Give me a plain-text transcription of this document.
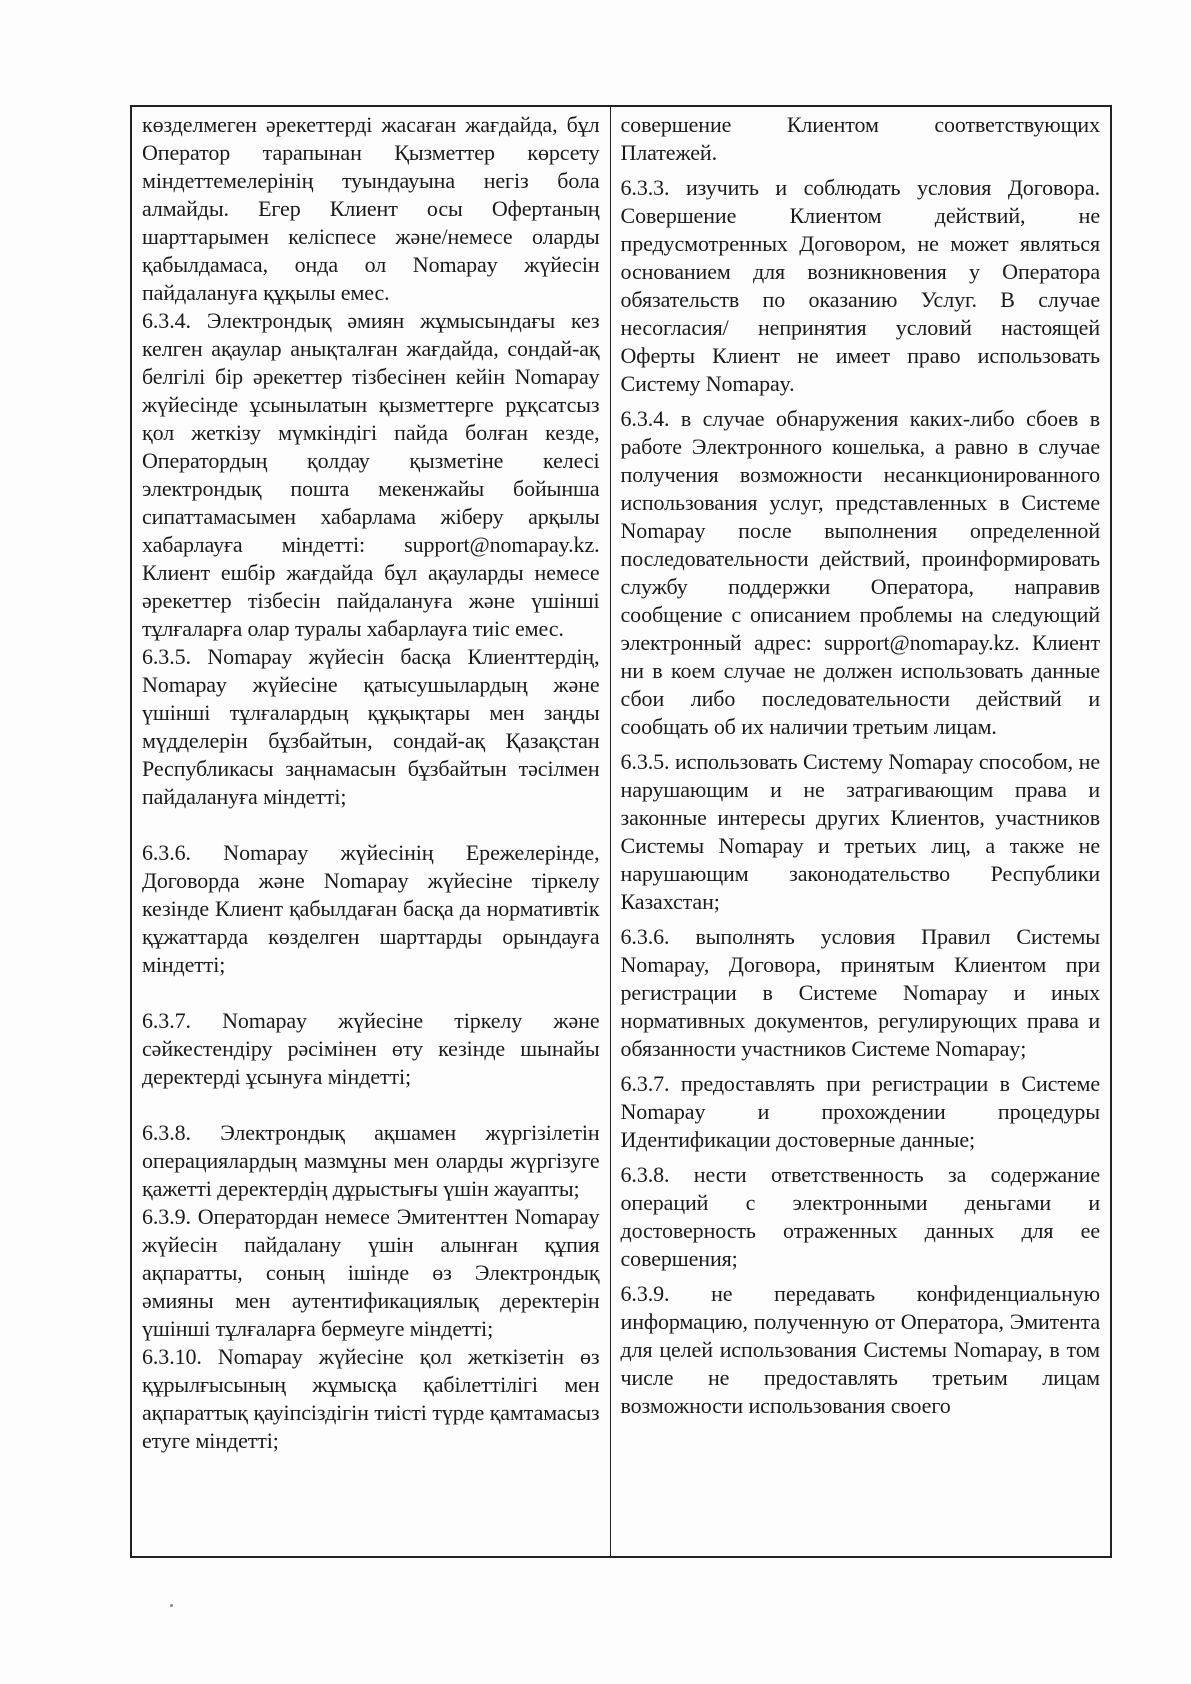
көзделмеген әрекеттерді жасаған жағдайда, бұл Оператор тарапынан Қызметтер көрсету міндеттемелерінің туындауына негіз бола алмайды. Егер Клиент осы Офертаның шарттарымен келіспесе және/немесе оларды қабылдамаса, онда ол Nomapay жүйесін пайдалануға құқылы емес.

6.3.4. Электрондық әмиян жұмысындағы кез келген ақаулар анықталған жағдайда, сондай-ақ белгілі бір әрекеттер тізбесінен кейін Nomapay жүйесінде ұсынылатын қызметтерге рұқсатсыз қол жеткізу мүмкіндігі пайда болған кезде, Оператордың қолдау қызметіне келесі электрондық пошта мекенжайы бойынша сипаттамасымен хабарлама жіберу арқылы хабарлауға міндетті: support@nomapay.kz. Клиент ешбір жағдайда бұл ақауларды немесе әрекеттер тізбесін пайдалануға және үшінші тұлғаларға олар туралы хабарлауға тиіс емес.

6.3.5. Nomapay жүйесін басқа Клиенттердің, Nomapay жүйесіне қатысушылардың және үшінші тұлғалардың құқықтары мен заңды мүдделерін бұзбайтын, сондай-ақ Қазақстан Республикасы заңнамасын бұзбайтын тәсілмен пайдалануға міндетті;

6.3.6. Nomapay жүйесінің Ережелерінде, Договорда және Nomapay жүйесіне тіркелу кезінде Клиент қабылдаған басқа да нормативтік құжаттарда көзделген шарттарды орындауға міндетті;

6.3.7. Nomapay жүйесіне тіркелу және сәйкестендіру рәсімінен өту кезінде шынайы деректерді ұсынуға міндетті;

6.3.8. Электрондық ақшамен жүргізілетін операциялардың мазмұны мен оларды жүргізуге қажетті деректердің дұрыстығы үшін жауапты;

6.3.9. Оператордан немесе Эмитенттен Nomapay жүйесін пайдалану үшін алынған құпия ақпаратты, соның ішінде өз Электрондық әмияны мен аутентификациялық деректерін үшінші тұлғаларға бермеуге міндетті;

6.3.10. Nomapay жүйесіне қол жеткізетін өз құрылғысының жұмысқа қабілеттілігі мен ақпараттық қауіпсіздігін тиісті түрде қамтамасыз етуге міндетті;

совершение Клиентом соответствующих Платежей.

6.3.3. изучить и соблюдать условия Договора. Совершение Клиентом действий, не предусмотренных Договором, не может являться основанием для возникновения у Оператора обязательств по оказанию Услуг. В случае несогласия/ непринятия условий настоящей Оферты Клиент не имеет право использовать Систему Nomapay.

6.3.4. в случае обнаружения каких-либо сбоев в работе Электронного кошелька, а равно в случае получения возможности несанкционированного использования услуг, представленных в Системе Nomapay после выполнения определенной последовательности действий, проинформировать службу поддержки Оператора, направив сообщение с описанием проблемы на следующий электронный адрес: support@nomapay.kz. Клиент ни в коем случае не должен использовать данные сбои либо последовательности действий и сообщать об их наличии третьим лицам.

6.3.5. использовать Систему Nomapay способом, не нарушающим и не затрагивающим права и законные интересы других Клиентов, участников Системы Nomapay и третьих лиц, а также не нарушающим законодательство Республики Казахстан;

6.3.6. выполнять условия Правил Системы Nomapay, Договора, принятым Клиентом при регистрации в Системе Nomapay и иных нормативных документов, регулирующих права и обязанности участников Системе Nomapay;

6.3.7. предоставлять при регистрации в Системе Nomapay и прохождении процедуры Идентификации достоверные данные;

6.3.8. нести ответственность за содержание операций с электронными деньгами и достоверность отраженных данных для ее совершения;

6.3.9. не передавать конфиденциальную информацию, полученную от Оператора, Эмитента для целей использования Системы Nomapay, в том числе не предоставлять третьим лицам возможности использования своего
